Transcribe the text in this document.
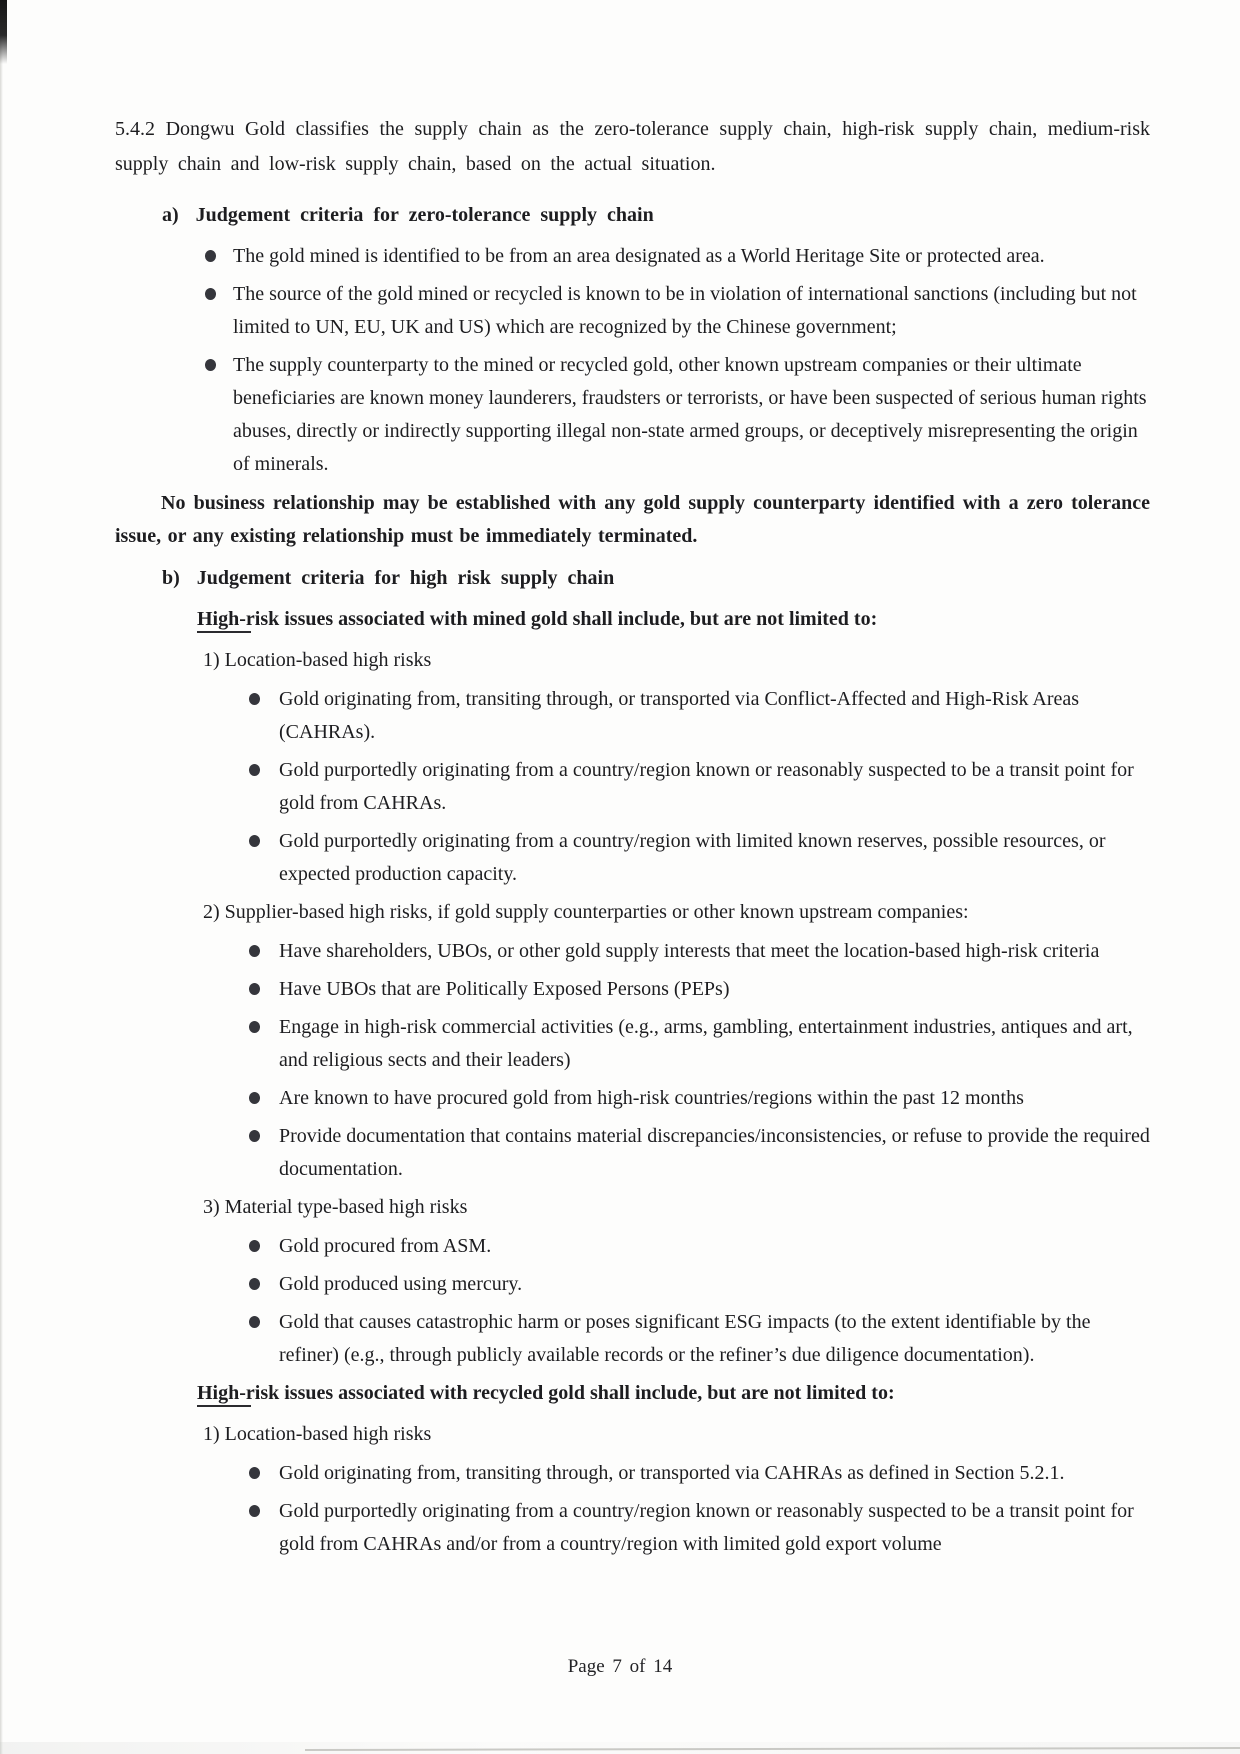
5.4.2 Dongwu Gold classifies the supply chain as the zero-tolerance supply chain, high-risk supply chain, medium-risk supply chain and low-risk supply chain, based on the actual situation.
a) Judgement criteria for zero-tolerance supply chain
The gold mined is identified to be from an area designated as a World Heritage Site or protected area.
The source of the gold mined or recycled is known to be in violation of international sanctions (including but not limited to UN, EU, UK and US) which are recognized by the Chinese government;
The supply counterparty to the mined or recycled gold, other known upstream companies or their ultimate beneficiaries are known money launderers, fraudsters or terrorists, or have been suspected of serious human rights abuses, directly or indirectly supporting illegal non-state armed groups, or deceptively misrepresenting the origin of minerals.
No business relationship may be established with any gold supply counterparty identified with a zero tolerance issue, or any existing relationship must be immediately terminated.
b) Judgement criteria for high risk supply chain
High-risk issues associated with mined gold shall include, but are not limited to:
1) Location-based high risks
Gold originating from, transiting through, or transported via Conflict-Affected and High-Risk Areas (CAHRAs).
Gold purportedly originating from a country/region known or reasonably suspected to be a transit point for gold from CAHRAs.
Gold purportedly originating from a country/region with limited known reserves, possible resources, or expected production capacity.
2) Supplier-based high risks, if gold supply counterparties or other known upstream companies:
Have shareholders, UBOs, or other gold supply interests that meet the location-based high-risk criteria
Have UBOs that are Politically Exposed Persons (PEPs)
Engage in high-risk commercial activities (e.g., arms, gambling, entertainment industries, antiques and art, and religious sects and their leaders)
Are known to have procured gold from high-risk countries/regions within the past 12 months
Provide documentation that contains material discrepancies/inconsistencies, or refuse to provide the required documentation.
3) Material type-based high risks
Gold procured from ASM.
Gold produced using mercury.
Gold that causes catastrophic harm or poses significant ESG impacts (to the extent identifiable by the refiner) (e.g., through publicly available records or the refiner’s due diligence documentation).
High-risk issues associated with recycled gold shall include, but are not limited to:
1) Location-based high risks
Gold originating from, transiting through, or transported via CAHRAs as defined in Section 5.2.1.
Gold purportedly originating from a country/region known or reasonably suspected to be a transit point for gold from CAHRAs and/or from a country/region with limited gold export volume
Page 7 of 14
